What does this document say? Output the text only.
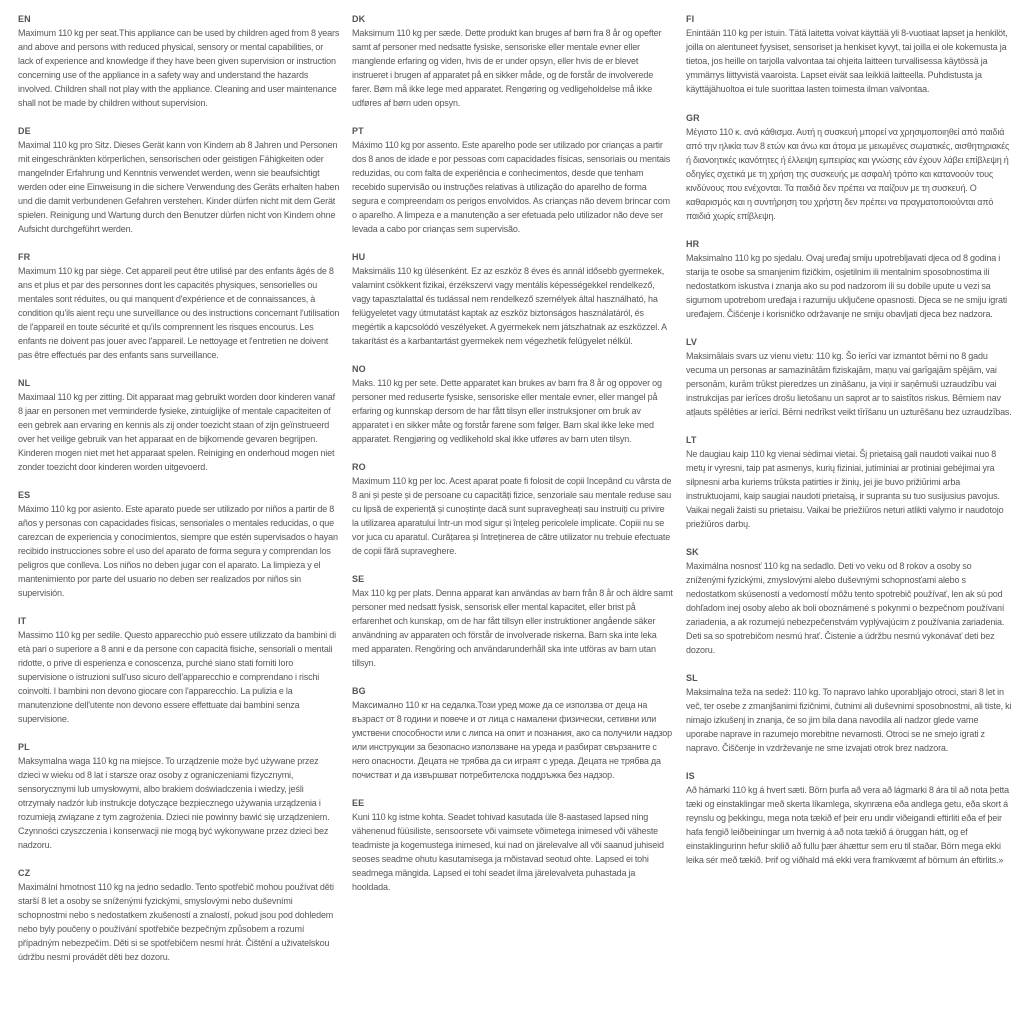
EN

Maximum 110 kg per seat.This appliance can be used by children aged from 8 years and above and persons with reduced physical, sensory or mental capabilities, or lack of experience and knowledge if they have been given supervision or instruction concerning use of the appliance in a safety way and understand the hazards involved. Children shall not play with the appliance. Cleaning and user maintenance shall not be made by children without supervision.

DE

Maximal 110 kg pro Sitz. Dieses Gerät kann von Kindern ab 8 Jahren und Personen mit eingeschränkten körperlichen, sensorischen oder geistigen Fähigkeiten oder mangelnder Erfahrung und Kenntnis verwendet werden, wenn sie beaufsichtigt werden oder eine Einweisung in die sichere Verwendung des Geräts erhalten haben und die damit verbundenen Gefahren verstehen. Kinder dürfen nicht mit dem Gerät spielen. Reinigung und Wartung durch den Benutzer dürfen nicht von Kindern ohne Aufsicht durchgeführt werden.

FR

Maximum 110 kg par siège. Cet appareil peut être utilisé par des enfants âgés de 8 ans et plus et par des personnes dont les capacités physiques, sensorielles ou mentales sont réduites, ou qui manquent d'expérience et de connaissances, à condition qu'ils aient reçu une surveillance ou des instructions concernant l'utilisation de l'appareil en toute sécurité et qu'ils comprennent les risques encourus. Les enfants ne doivent pas jouer avec l'appareil. Le nettoyage et l'entretien ne doivent pas être effectués par des enfants sans surveillance.

NL

Maximaal 110 kg per zitting. Dit apparaat mag gebruikt worden door kinderen vanaf 8 jaar en personen met verminderde fysieke, zintuiglijke of mentale capaciteiten of een gebrek aan ervaring en kennis als zij onder toezicht staan of zijn geïnstrueerd over het veilige gebruik van het apparaat en de bijkomende gevaren begrijpen. Kinderen mogen niet met het apparaat spelen. Reiniging en onderhoud mogen niet zonder toezicht door kinderen worden uitgevoerd.

ES

Máximo 110 kg por asiento. Este aparato puede ser utilizado por niños a partir de 8 años y personas con capacidades físicas, sensoriales o mentales reducidas, o que carezcan de experiencia y conocimientos, siempre que estén supervisados o hayan recibido instrucciones sobre el uso del aparato de forma segura y comprendan los peligros que conlleva. Los niños no deben jugar con el aparato. La limpieza y el mantenimiento por parte del usuario no deben ser realizados por niños sin supervisión.

IT

Massimo 110 kg per sedile. Questo apparecchio può essere utilizzato da bambini di età pari o superiore a 8 anni e da persone con capacità fisiche, sensoriali o mentali ridotte, o prive di esperienza e conoscenza, purché siano stati forniti loro supervisione o istruzioni sull'uso sicuro dell'apparecchio e comprendano i rischi coinvolti. I bambini non devono giocare con l'apparecchio. La pulizia e la manutenzione dell'utente non devono essere effettuate dai bambini senza supervisione.

PL

Maksymalna waga 110 kg na miejsce. To urządzenie może być używane przez dzieci w wieku od 8 lat i starsze oraz osoby z ograniczeniami fizycznymi, sensorycznymi lub umysłowymi, albo brakiem doświadczenia i wiedzy, jeśli otrzymały nadzór lub instrukcje dotyczące bezpiecznego używania urządzenia i rozumieją związane z tym zagrożenia. Dzieci nie powinny bawić się urządzeniem. Czynności czyszczenia i konserwacji nie mogą być wykonywane przez dzieci bez nadzoru.

CZ

Maximální hmotnost 110 kg na jedno sedadlo. Tento spotřebič mohou používat děti starší 8 let a osoby se sníženými fyzickými, smyslovými nebo duševními schopnostmi nebo s nedostatkem zkušeností a znalostí, pokud jsou pod dohledem nebo byly poučeny o používání spotřebiče bezpečným způsobem a rozumí případným nebezpečím. Děti si se spotřebičem nesmí hrát. Čištění a uživatelskou údržbu nesmí provádět děti bez dozoru.

DK

Maksimum 110 kg per sæde. Dette produkt kan bruges af børn fra 8 år og opefter samt af personer med nedsatte fysiske, sensoriske eller mentale evner eller manglende erfaring og viden, hvis de er under opsyn, eller hvis de er blevet instrueret i brugen af apparatet på en sikker måde, og de forstår de involverede farer. Børn må ikke lege med apparatet. Rengøring og vedligeholdelse må ikke udføres af børn uden opsyn.

PT

Máximo 110 kg por assento. Este aparelho pode ser utilizado por crianças a partir dos 8 anos de idade e por pessoas com capacidades físicas, sensoriais ou mentais reduzidas, ou com falta de experiência e conhecimentos, desde que tenham recebido supervisão ou instruções relativas à utilização do aparelho de forma segura e compreendam os perigos envolvidos. As crianças não devem brincar com o aparelho. A limpeza e a manutenção a ser efetuada pelo utilizador não deve ser levada a cabo por crianças sem supervisão.

HU

Maksimális 110 kg ülésenként. Ez az eszköz 8 éves és annál idősebb gyermekek, valamint csökkent fizikai, érzékszervi vagy mentális képességekkel rendelkező, vagy tapasztalattal és tudással nem rendelkező személyek által használható, ha felügyeletet vagy útmutatást kaptak az eszköz biztonságos használatáról, és megértik a kapcsolódó veszélyeket. A gyermekek nem játszhatnak az eszközzel. A takarítást és a karbantartást gyermekek nem végezhetik felügyelet nélkül.

NO

Maks. 110 kg per sete. Dette apparatet kan brukes av barn fra 8 år og oppover og personer med reduserte fysiske, sensoriske eller mentale evner, eller mangel på erfaring og kunnskap dersom de har fått tilsyn eller instruksjoner om bruk av apparatet i en sikker måte og forstår farene som følger. Barn skal ikke leke med apparatet. Rengjøring og vedlikehold skal ikke utføres av barn uten tilsyn.

RO

Maximum 110 kg per loc. Acest aparat poate fi folosit de copii începând cu vârsta de 8 ani și peste și de persoane cu capacități fizice, senzoriale sau mentale reduse sau cu lipsă de experiență și cunoștințe dacă sunt supravegheați sau instruiți cu privire la utilizarea aparatului într-un mod sigur și înțeleg pericolele implicate. Copiii nu se vor juca cu aparatul. Curățarea și întreținerea de către utilizator nu trebuie efectuate de copii fără supraveghere.

SE

Max 110 kg per plats. Denna apparat kan användas av barn från 8 år och äldre samt personer med nedsatt fysisk, sensorisk eller mental kapacitet, eller brist på erfarenhet och kunskap, om de har fått tillsyn eller instruktioner angående säker användning av apparaten och förstår de involverade riskerna. Barn ska inte leka med apparaten. Rengöring och användarunderhåll ska inte utföras av barn utan tillsyn.

BG

Максимално 110 кг на седалка.Този уред може да се използва от деца на възраст от 8 години и повече и от лица с намалени физически, сетивни или умствени способности или с липса на опит и познания, ако са получили надзор или инструкции за безопасно използване на уреда и разбират свързаните с него опасности. Децата не трябва да си играят с уреда. Децата не трябва да почистват и да извършват потребителска поддръжка без надзор.

EE

Kuni 110 kg istme kohta. Seadet tohivad kasutada üle 8-aastased lapsed ning vähenenud füüsiliste, sensoorsete või vaimsete võimetega inimesed või väheste teadmiste ja kogemustega inimesed, kui nad on järelevalve all või saanud juhiseid seoses seadme ohutu kasutamisega ja mõistavad seotud ohte. Lapsed ei tohi seadmega mängida. Lapsed ei tohi seadet ilma järelevalveta puhastada ja hooldada.

FI

Enintään 110 kg per istuin. Tätä laitetta voivat käyttää yli 8-vuotiaat lapset ja henkilöt, joilla on alentuneet fyysiset, sensoriset ja henkiset kyvyt, tai joilla ei ole kokemusta ja tietoa, jos heille on tarjolla valvontaa tai ohjeita laitteen turvallisessa käytössä ja ymmärrys liittyvistä vaaroista. Lapset eivät saa leikkiä laitteella. Puhdistusta ja käyttäjähuoltoa ei tule suorittaa lasten toimesta ilman valvontaa.

GR

Μέγιστο 110 κ. ανά κάθισμα. Αυτή η συσκευή μπορεί να χρησιμοποιηθεί από παιδιά από την ηλικία των 8 ετών και άνω και άτομα με μειωμένες σωματικές, αισθητηριακές ή διανοητικές ικανότητες ή έλλειψη εμπειρίας και γνώσης εάν έχουν λάβει επίβλεψη ή οδηγίες σχετικά με τη χρήση της συσκευής με ασφαλή τρόπο και κατανοούν τους κινδύνους που ενέχονται. Τα παιδιά δεν πρέπει να παίζουν με τη συσκευή. Ο καθαρισμός και η συντήρηση του χρήστη δεν πρέπει να πραγματοποιούνται από παιδιά χωρίς επίβλεψη.

HR

Maksimalno 110 kg po sjedalu. Ovaj uređaj smiju upotrebljavati djeca od 8 godina i starija te osobe sa smanjenim fizičkim, osjetilnim ili mentalnim sposobnostima ili nedostatkom iskustva i znanja ako su pod nadzorom ili su dobile upute u vezi sa sigurnom upotrebom uređaja i razumiju uključene opasnosti. Djeca se ne smiju igrati uređajem. Čišćenje i korisničko održavanje ne smiju obavljati djeca bez nadzora.

LV

Maksimālais svars uz vienu vietu: 110 kg. Šo ierīci var izmantot bērni no 8 gadu vecuma un personas ar samazinātām fiziskajām, maņu vai garīgajām spējām, vai personām, kurām trūkst pieredzes un zināšanu, ja viņi ir saņēmuši uzraudzību vai instrukcijas par ierīces drošu lietošanu un saprot ar to saistītos riskus. Bērniem nav atļauts spēlēties ar ierīci. Bērni nedrīkst veikt tīrīšanu un uzturēšanu bez uzraudzības.

LT

Ne daugiau kaip 110 kg vienai sėdimai vietai. Šį prietaisą gali naudoti vaikai nuo 8 metų ir vyresni, taip pat asmenys, kurių fiziniai, jutiminiai ar protiniai gebėjimai yra silpnesni arba kuriems trūksta patirties ir žinių, jei jie buvo prižiūrimi arba instruktuojami, kaip saugiai naudoti prietaisą, ir supranta su tuo susijusius pavojus. Vaikai negali žaisti su prietaisu. Vaikai be priežiūros neturi atlikti valymo ir naudotojo priežiūros darbų.

SK

Maximálna nosnosť 110 kg na sedadlo. Deti vo veku od 8 rokov a osoby so zníženými fyzickými, zmyslovými alebo duševnými schopnosťami alebo s nedostatkom skúseností a vedomostí môžu tento spotrebič používať, len ak sú pod dohľadom inej osoby alebo ak boli oboznámené s pokynmi o bezpečnom používaní zariadenia, a ak rozumejú nebezpečenstvám vyplývajúcim z používania zariadenia. Deti sa so spotrebičom nesmú hrať. Čistenie a údržbu nesmú vykonávať deti bez dozoru.

SL

Maksimalna teža na sedež: 110 kg. To napravo lahko uporabljajo otroci, stari 8 let in več, ter osebe z zmanjšanimi fizičnimi, čutnimi ali duševnimi sposobnostmi, ali tiste, ki nimajo izkušenj in znanja, če so jim bila dana navodila ali nadzor glede varne uporabe naprave in razumejo morebitne nevarnosti. Otroci se ne smejo igrati z napravo. Čiščenje in vzdrževanje ne sme izvajati otrok brez nadzora.

IS

Að hámarki 110 kg á hvert sæti. Börn þurfa að vera að lágmarki 8 ára til að nota þetta tæki og einstaklingar með skerta líkamlega, skynræna eða andlega getu, eða skort á reynslu og þekkingu, mega nota tækið ef þeir eru undir viðeigandi eftirliti eða ef þeir hafa fengið leiðbeiningar um hvernig á að nota tækið á öruggan hátt, og ef einstaklingurinn hefur skilið að fullu þær áhættur sem eru til staðar. Börn mega ekki leika sér með tækið. Þrif og viðhald má ekki vera framkvæmt af börnum án eftirlits.»
